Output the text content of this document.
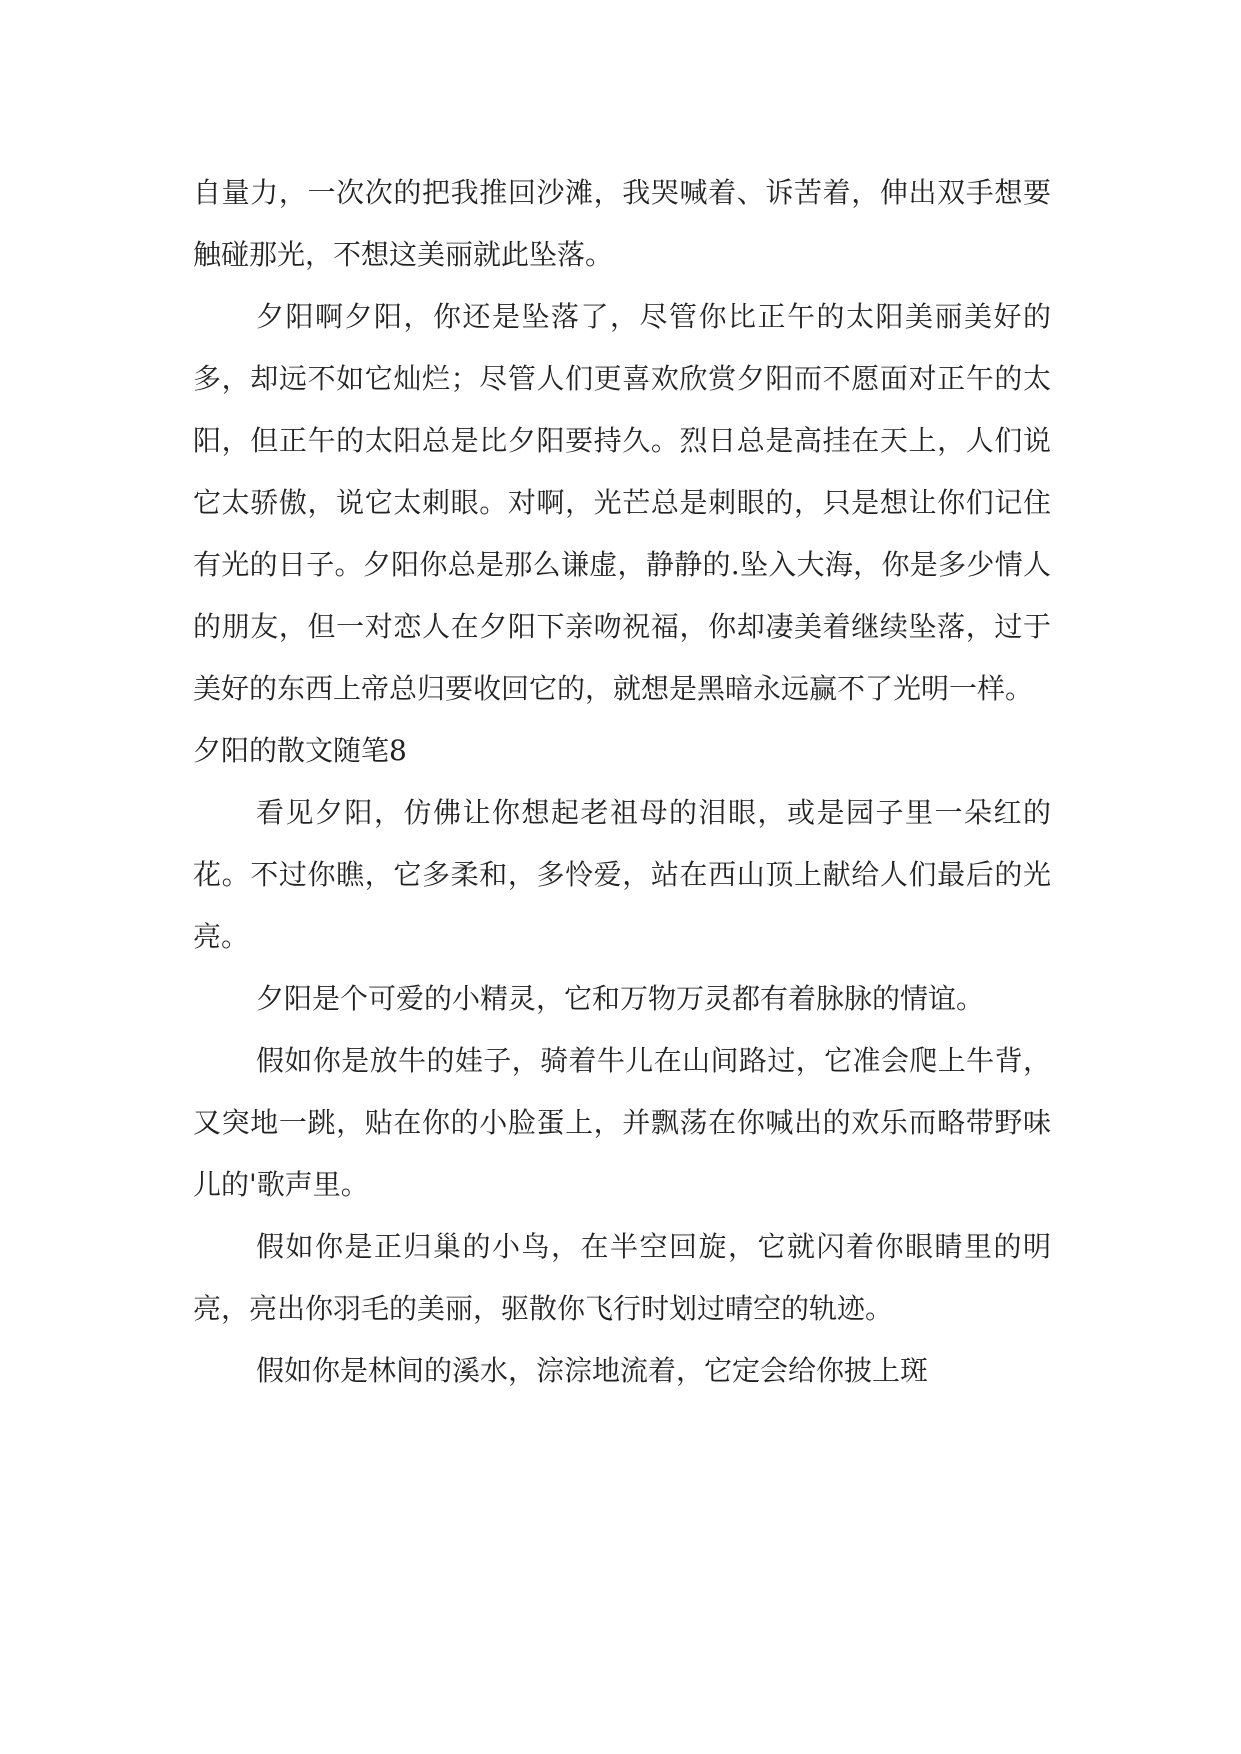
自量力，一次次的把我推回沙滩，我哭喊着、诉苦着，伸出双手想要触碰那光，不想这美丽就此坠落。

夕阳啊夕阳，你还是坠落了，尽管你比正午的太阳美丽美好的多，却远不如它灿烂；尽管人们更喜欢欣赏夕阳而不愿面对正午的太阳，但正午的太阳总是比夕阳要持久。烈日总是高挂在天上，人们说它太骄傲，说它太刺眼。对啊，光芒总是刺眼的，只是想让你们记住有光的日子。夕阳你总是那么谦虚，静静的.坠入大海，你是多少情人的朋友，但一对恋人在夕阳下亲吻祝福，你却凄美着继续坠落，过于美好的东西上帝总归要收回它的，就想是黑暗永远赢不了光明一样。

夕阳的散文随笔8

看见夕阳，仿佛让你想起老祖母的泪眼，或是园子里一朵红的花。不过你瞧，它多柔和，多怜爱，站在西山顶上献给人们最后的光亮。

夕阳是个可爱的小精灵，它和万物万灵都有着脉脉的情谊。

假如你是放牛的娃子，骑着牛儿在山间路过，它准会爬上牛背，又突地一跳，贴在你的小脸蛋上，并飘荡在你喊出的欢乐而略带野味儿的'歌声里。

假如你是正归巢的小鸟，在半空回旋，它就闪着你眼睛里的明亮，亮出你羽毛的美丽，驱散你飞行时划过晴空的轨迹。

假如你是林间的溪水，淙淙地流着，它定会给你披上斑
